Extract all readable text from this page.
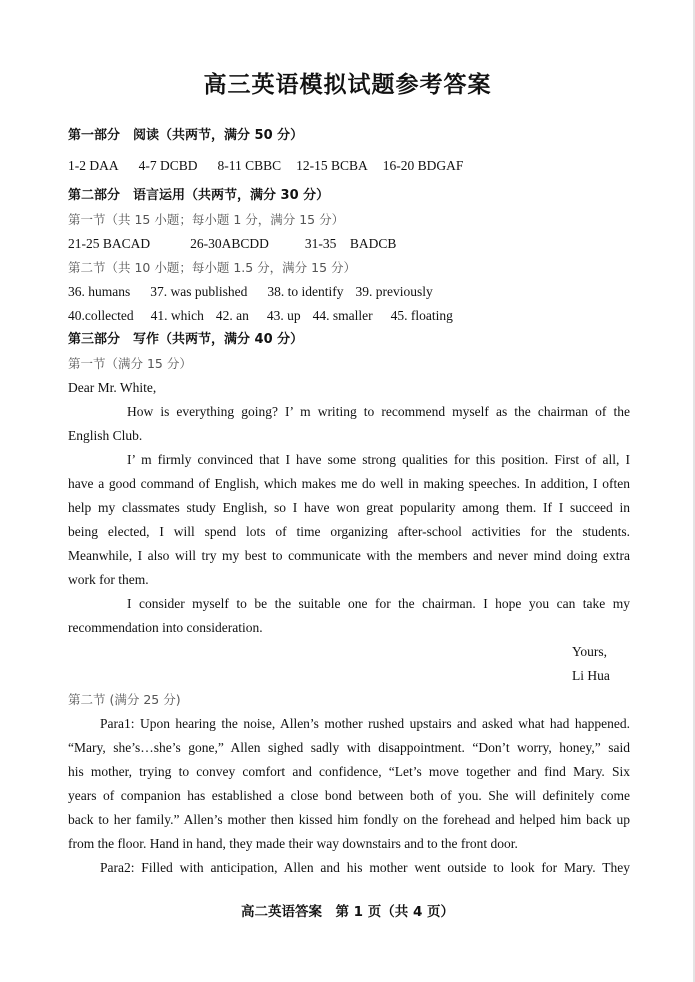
高三英语模拟试题参考答案
第一部分　阅读（共两节，满分 50 分）
1-2 DAA 4-7 DCBD 8-11 CBBC 12-15 BCBA 16-20 BDGAF
第二部分　语言运用（共两节，满分 30 分）
第一节（共 15 小题；每小题 1 分，满分 15 分）
21-25 BACAD	26-30ABCDD	31-35　BADCB
第二节（共 10 小题；每小题 1.5 分，满分 15 分）
36. humans 37. was published 38. to identify 39. previously
40.collected 41. which 42. an 43. up 44. smaller 45. floating
第三部分　写作（共两节，满分 40 分）
第一节（满分 15 分）
Dear Mr. White,
How is everything going? I’ m writing to recommend myself as the chairman of the
English Club.
I’ m firmly convinced that I have some strong qualities for this position. First of all, I
have a good command of English, which makes me do well in making speeches. In addition, I often
help my classmates study English, so I have won great popularity among them. If I succeed in
being elected, I will spend lots of time organizing after-school activities for the students.
Meanwhile, I also will try my best to communicate with the members and never mind doing extra
work for them.
I consider myself to be the suitable one for the chairman. I hope you can take my
recommendation into consideration.
Yours,
Li Hua
第二节 (满分 25 分)
Para1: Upon hearing the noise, Allen’s mother rushed upstairs and asked what had happened.
“Mary, she’s…she’s gone,” Allen sighed sadly with disappointment. “Don’t worry, honey,” said
his mother, trying to convey comfort and confidence, “Let’s move together and find Mary. Six
years of companion has established a close bond between both of you. She will definitely come
back to her family.” Allen’s mother then kissed him fondly on the forehead and helped him back up
from the floor. Hand in hand, they made their way downstairs and to the front door.
Para2: Filled with anticipation, Allen and his mother went outside to look for Mary. They
高二英语答案　第 1 页（共 4 页）
